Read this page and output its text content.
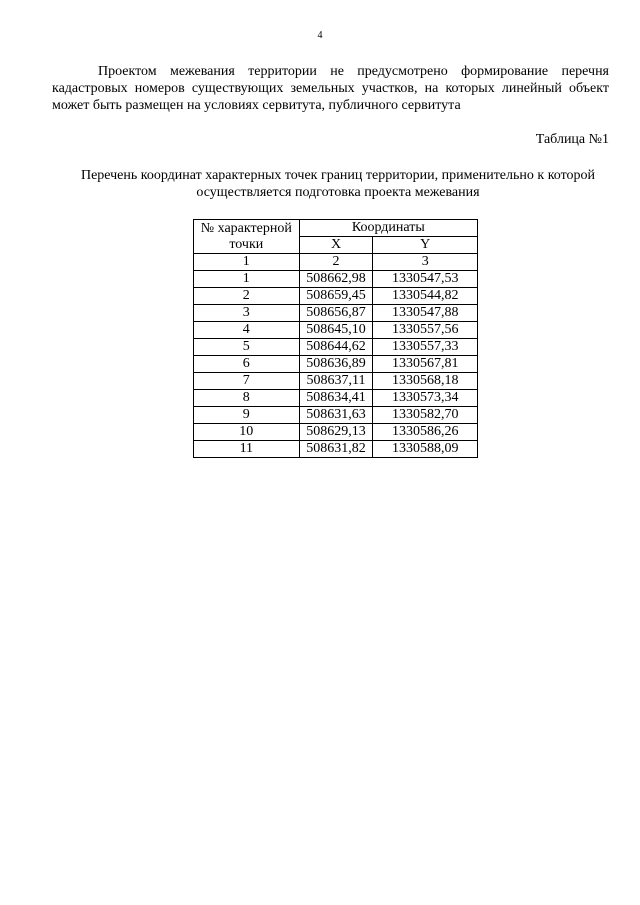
4

Проектом межевания территории не предусмотрено формирование перечня кадастровых номеров существующих земельных участков, на которых линейный объект может быть размещен на условиях сервитута, публичного сервитута

Таблица №1

Перечень координат характерных точек границ территории, применительно к которой осуществляется подготовка проекта межевания

№ характерной точки	Координаты	
	X	Y
1	2	3
1	508662,98	1330547,53
2	508659,45	1330544,82
3	508656,87	1330547,88
4	508645,10	1330557,56
5	508644,62	1330557,33
6	508636,89	1330567,81
7	508637,11	1330568,18
8	508634,41	1330573,34
9	508631,63	1330582,70
10	508629,13	1330586,26
11	508631,82	1330588,09
